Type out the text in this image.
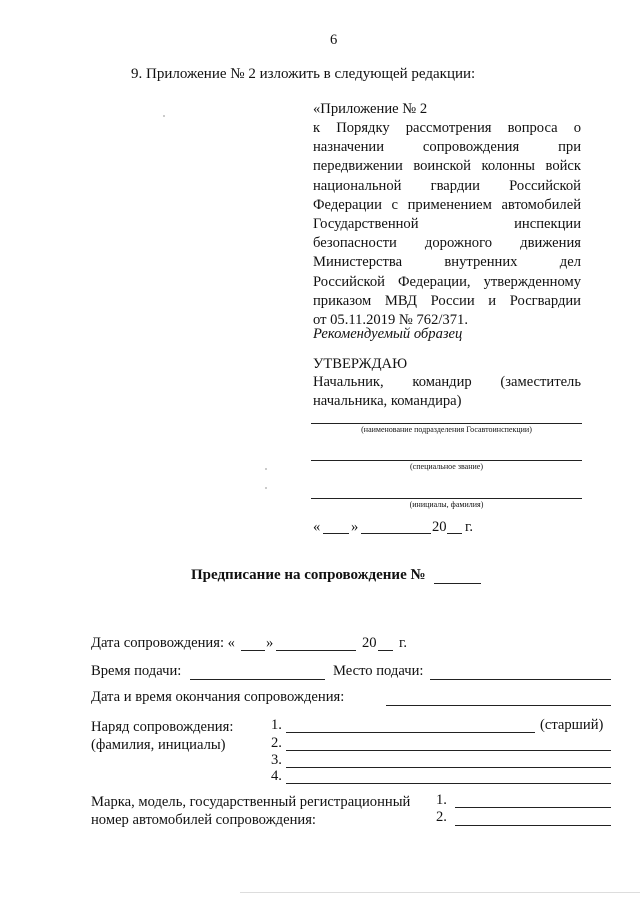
6
9. Приложение № 2 изложить в следующей редакции:
«Приложение № 2
к Порядку рассмотрения вопроса о
назначении сопровождения при
передвижении воинской колонны войск
национальной гвардии Российской
Федерации с применением автомобилей
Государственной инспекции
безопасности дорожного движения
Министерства внутренних дел
Российской Федерации, утвержденному
приказом МВД России и Росгвардии
от 05.11.2019 № 762/371.
Рекомендуемый образец
УТВЕРЖДАЮ
Начальник, командир (заместитель
начальника, командира)
(наименование подразделения Госавтоинспекции)
(специальное звание)
(инициалы, фамилия)
« »	20 г.
Предписание на сопровождение №
Дата сопровождения: « »	20 г.
Время подачи:	Место подачи:
Дата и время окончания сопровождения:
Наряд сопровождения:
(фамилия, инициалы)
1.	(старший)
2.
3.
4.
Марка, модель, государственный регистрационный
номер автомобилей сопровождения:
1.
2.
